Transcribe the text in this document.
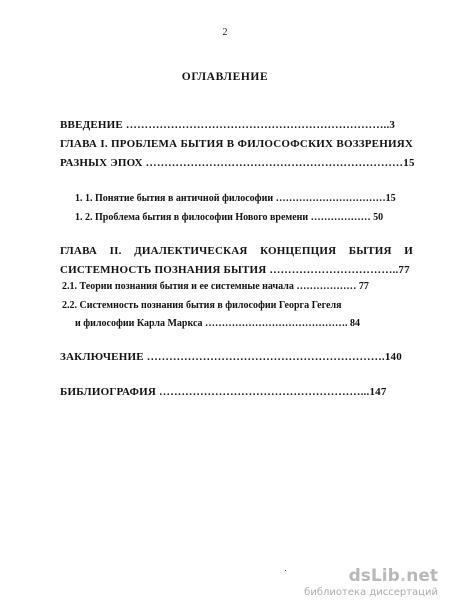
2
ОГЛАВЛЕНИЕ
ВВЕДЕНИЕ ……………………………………………………………..3
ГЛАВА I. ПРОБЛЕМА БЫТИЯ В ФИЛОСОФСКИХ ВОЗЗРЕНИЯХ
РАЗНЫХ ЭПОХ ……………………………………………………………15
1. 1. Понятие бытия в античной философии ……………………………15
1. 2. Проблема бытия в философии Нового времени ……………… 50
ГЛАВА II. ДИАЛЕКТИЧЕСКАЯ КОНЦЕПЦИЯ БЫТИЯ И
СИСТЕМНОСТЬ ПОЗНАНИЯ БЫТИЯ ……………………………..77
2.1. Теории познания бытия и ее системные начала ……………… 77
2.2. Системность познания бытия в философии Георга Гегеля
и философии Карла Маркса ……………………………………. 84
ЗАКЛЮЧЕНИЕ ……………………………………………………….140
БИБЛИОГРАФИЯ ………………………………………………...147
dsLib.net
библиотека диссертаций
